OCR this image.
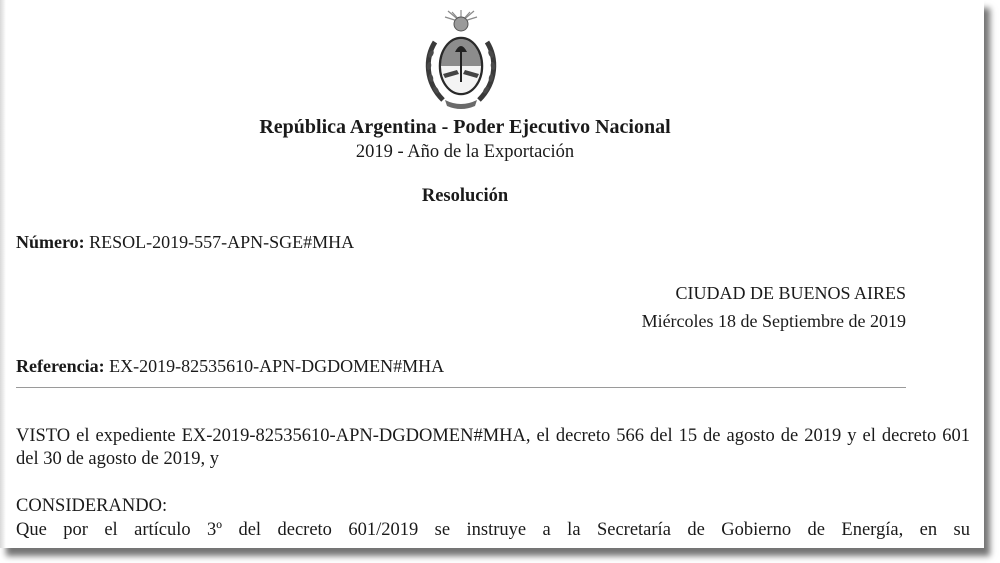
República Argentina - Poder Ejecutivo Nacional
2019 - Año de la Exportación
Resolución
Número: RESOL-2019-557-APN-SGE#MHA
CIUDAD DE BUENOS AIRES
Miércoles 18 de Septiembre de 2019
Referencia: EX-2019-82535610-APN-DGDOMEN#MHA
VISTO el expediente EX-2019-82535610-APN-DGDOMEN#MHA, el decreto 566 del 15 de agosto de 2019 y el decreto 601 del 30 de agosto de 2019, y
CONSIDERANDO:
Que por el artículo 3º del decreto 601/2019 se instruye a la Secretaría de Gobierno de Energía, en su
